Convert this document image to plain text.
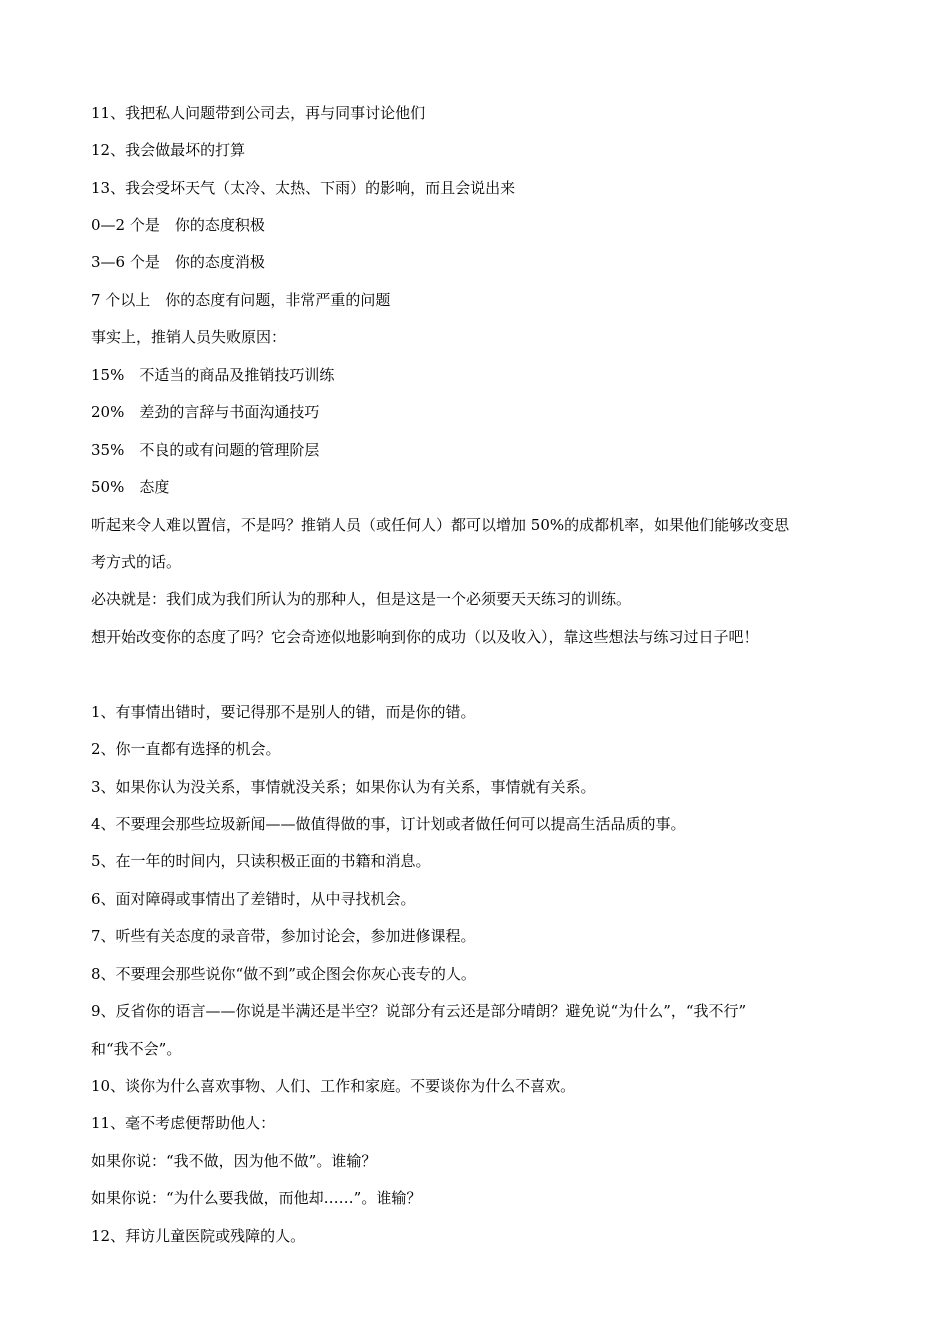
11、我把私人问题带到公司去，再与同事讨论他们
12、我会做最坏的打算
13、我会受坏天气（太冷、太热、下雨）的影响，而且会说出来
0—2 个是　你的态度积极
3—6 个是　你的态度消极
7 个以上　你的态度有问题，非常严重的问题
事实上，推销人员失败原因：
15%　不适当的商品及推销技巧训练
20%　差劲的言辞与书面沟通技巧
35%　不良的或有问题的管理阶层
50%　态度
听起来令人难以置信，不是吗？推销人员（或任何人）都可以增加 50%的成都机率，如果他们能够改变思
考方式的话。
必决就是：我们成为我们所认为的那种人，但是这是一个必须要天天练习的训练。
想开始改变你的态度了吗？它会奇迹似地影响到你的成功（以及收入），靠这些想法与练习过日子吧！
1、有事情出错时，要记得那不是别人的错，而是你的错。
2、你一直都有选择的机会。
3、如果你认为没关系，事情就没关系；如果你认为有关系，事情就有关系。
4、不要理会那些垃圾新闻——做值得做的事，订计划或者做任何可以提高生活品质的事。
5、在一年的时间内，只读积极正面的书籍和消息。
6、面对障碍或事情出了差错时，从中寻找机会。
7、听些有关态度的录音带，参加讨论会，参加进修课程。
8、不要理会那些说你“做不到”或企图会你灰心丧专的人。
9、反省你的语言——你说是半满还是半空？说部分有云还是部分晴朗？避免说“为什么”，“我不行”
和“我不会”。
10、谈你为什么喜欢事物、人们、工作和家庭。不要谈你为什么不喜欢。
11、毫不考虑便帮助他人：
如果你说：“我不做，因为他不做”。谁输？
如果你说：“为什么要我做，而他却……”。谁输？
12、拜访儿童医院或残障的人。
